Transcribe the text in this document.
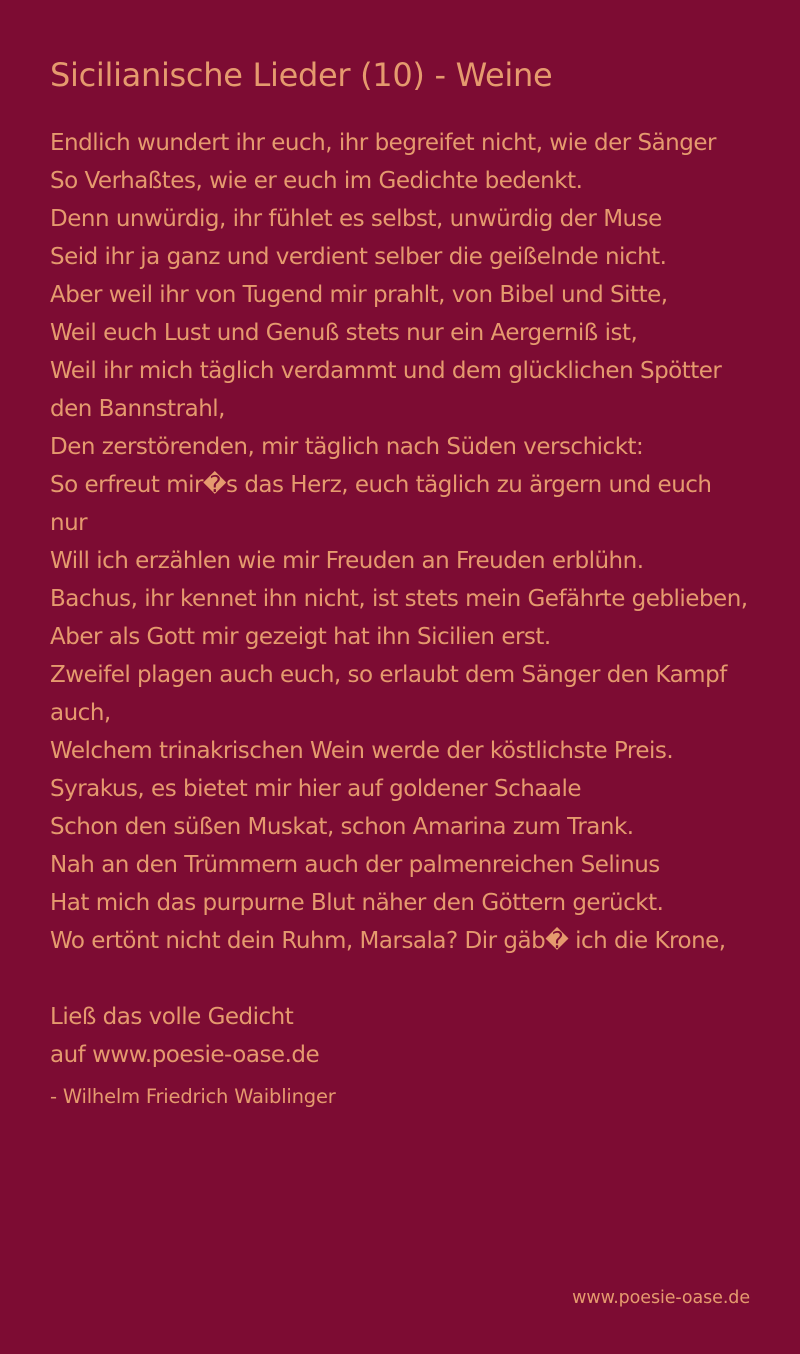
Sicilianische Lieder (10) - Weine
Endlich wundert ihr euch, ihr begreifet nicht, wie der Sänger
So Verhaßtes, wie er euch im Gedichte bedenkt.
Denn unwürdig, ihr fühlet es selbst, unwürdig der Muse
Seid ihr ja ganz und verdient selber die geißelnde nicht.
Aber weil ihr von Tugend mir prahlt, von Bibel und Sitte,
Weil euch Lust und Genuß stets nur ein Aergerniß ist,
Weil ihr mich täglich verdammt und dem glücklichen Spötter den Bannstrahl,
Den zerstörenden, mir täglich nach Süden verschickt:
So erfreut mir�s das Herz, euch täglich zu ärgern und euch nur
Will ich erzählen wie mir Freuden an Freuden erblühn.
Bachus, ihr kennet ihn nicht, ist stets mein Gefährte geblieben,
Aber als Gott mir gezeigt hat ihn Sicilien erst.
Zweifel plagen auch euch, so erlaubt dem Sänger den Kampf auch,
Welchem trinakrischen Wein werde der köstlichste Preis.
Syrakus, es bietet mir hier auf goldener Schaale
Schon den süßen Muskat, schon Amarina zum Trank.
Nah an den Trümmern auch der palmenreichen Selinus
Hat mich das purpurne Blut näher den Göttern gerückt.
Wo ertönt nicht dein Ruhm, Marsala? Dir gäb� ich die Krone,
Ließ das volle Gedicht
auf www.poesie-oase.de
- Wilhelm Friedrich Waiblinger
www.poesie-oase.de
